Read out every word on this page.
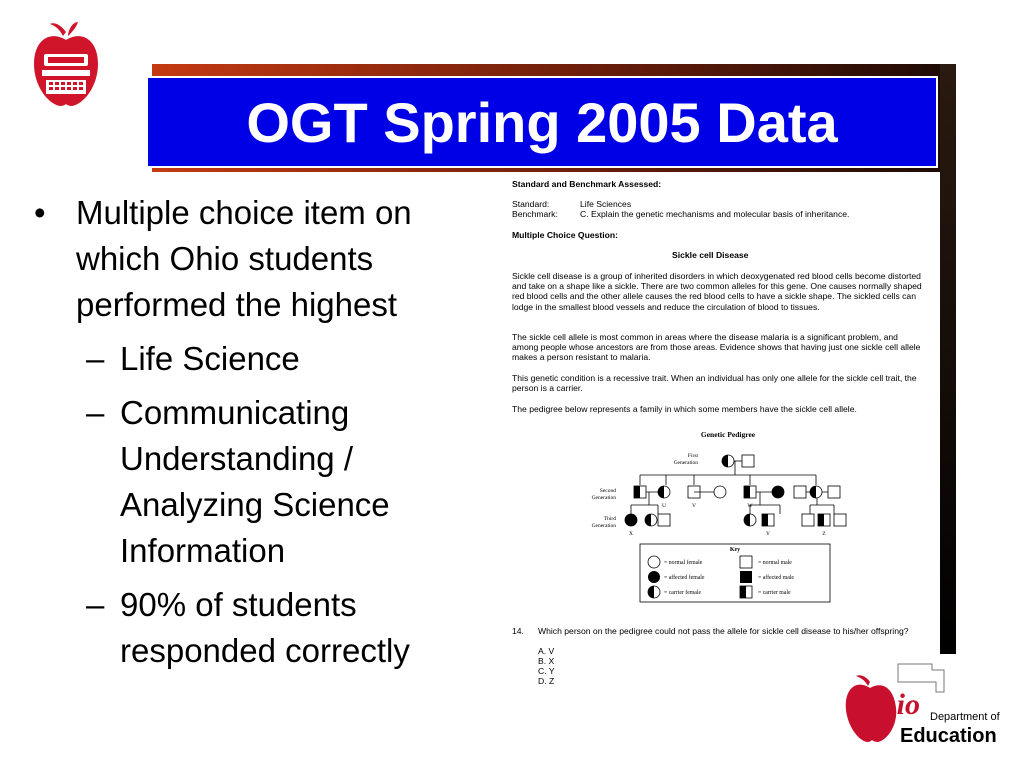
OGT Spring 2005 Data
• Multiple choice item on which Ohio students performed the highest
– Life Science
– Communicating Understanding / Analyzing Science Information
– 90% of students responded correctly
Standard and Benchmark Assessed:
Standard:	Life Sciences
Benchmark:	C. Explain the genetic mechanisms and molecular basis of inheritance.
Multiple Choice Question:
Sickle cell Disease
Sickle cell disease is a group of inherited disorders in which deoxygenated red blood cells become distorted and take on a shape like a sickle. There are two common alleles for this gene. One causes normally shaped red blood cells and the other allele causes the red blood cells to have a sickle shape. The sickled cells can lodge in the smallest blood vessels and reduce the circulation of blood to tissues.
The sickle cell allele is most common in areas where the disease malaria is a significant problem, and among people whose ancestors are from those areas. Evidence shows that having just one sickle cell allele makes a person resistant to malaria.
This genetic condition is a recessive trait. When an individual has only one allele for the sickle cell trait, the person is a carrier.
The pedigree below represents a family in which some members have the sickle cell allele.
Genetic Pedigree
First
Generation
Second
Generation
Third
Generation
U	V	W
X	Y	Z
Key
= normal female
= affected female
= carrier female
= normal male
= affected male
= carrier male
14. Which person on the pedigree could not pass the allele for sickle cell disease to his/her offspring?
A. V
B. X
C. Y
D. Z
hio Department of
Education
